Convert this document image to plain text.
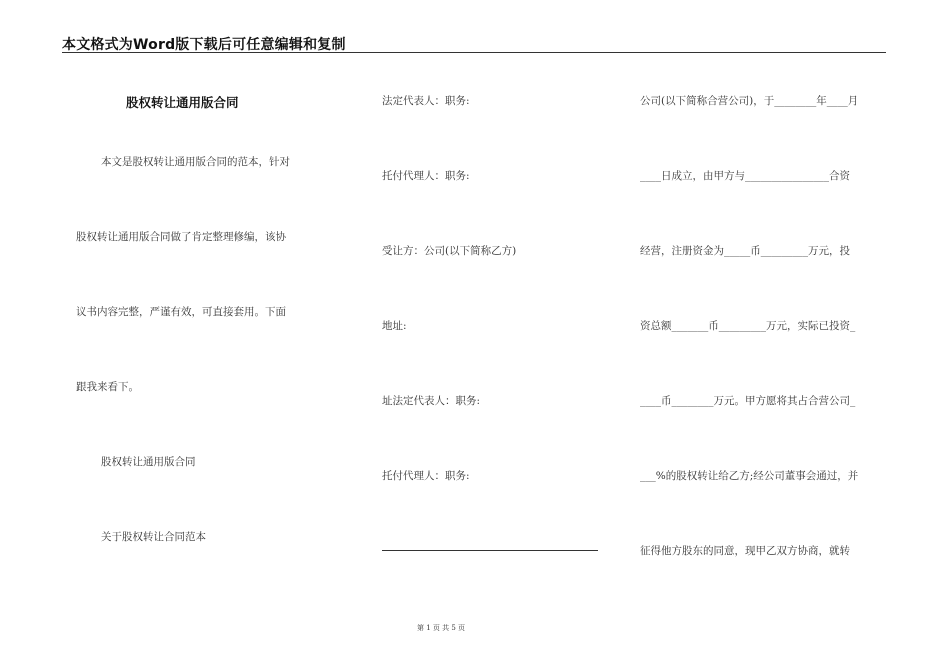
本文格式为Word版下载后可任意编辑和复制
股权转让通用版合同
本文是股权转让通用版合同的范本，针对
股权转让通用版合同做了肯定整理修编，该协
议书内容完整，严谨有效，可直接套用。下面
跟我来看下。
股权转让通用版合同
关于股权转让合同范本
法定代表人：职务:
托付代理人：职务:
受让方：公司(以下简称乙方)
地址:
址法定代表人：职务:
托付代理人：职务:
公司(以下简称合营公司)，于________年____月
____日成立，由甲方与________________合资
经营，注册资金为_____币_________万元，投
资总额_______币_________万元，实际已投资_
____币________万元。甲方愿将其占合营公司_
___%的股权转让给乙方;经公司董事会通过，并
征得他方股东的同意，现甲乙双方协商，就转
第 1 页 共 5 页
